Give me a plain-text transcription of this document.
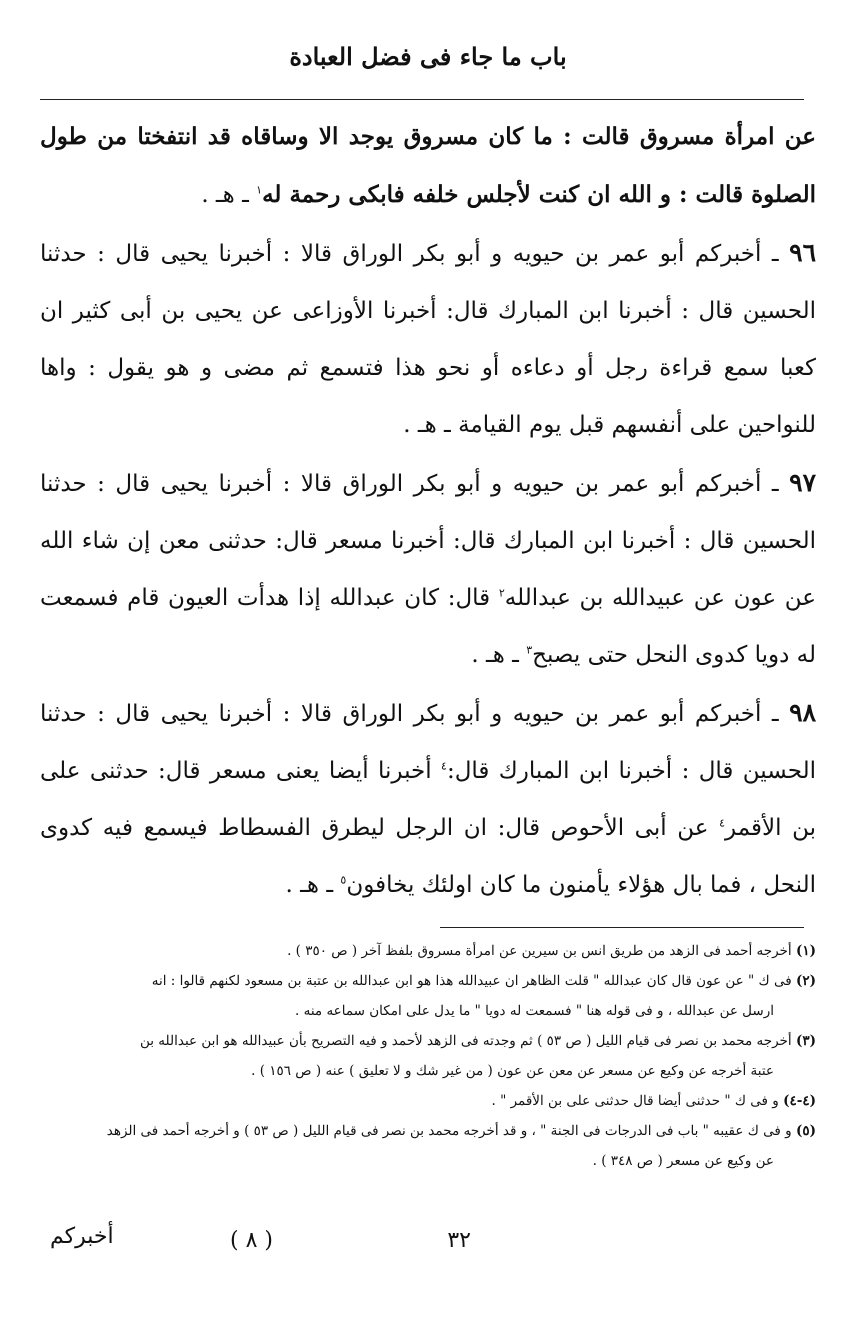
باب ما جاء فى فضل العبادة

عن امرأة مسروق قالت : ما كان مسروق يوجد الا وساقاه قد انتفختا من طول الصلوة قالت : و الله ان كنت لأجلس خلفه فابكى رحمة له$^١$ ـ هـ .

٩٦ ـ أخبركم أبو عمر بن حيويه و أبو بكر الوراق قالا : أخبرنا يحيى قال : حدثنا الحسين قال : أخبرنا ابن المبارك قال: أخبرنا الأوزاعى عن يحيى بن أبى كثير ان كعبا سمع قراءة رجل أو دعاءه أو نحو هذا فتسمع ثم مضى و هو يقول : واها للنواحين على أنفسهم قبل يوم القيامة ـ هـ .

٩٧ ـ أخبركم أبو عمر بن حيويه و أبو بكر الوراق قالا : أخبرنا يحيى قال : حدثنا الحسين قال : أخبرنا ابن المبارك قال: أخبرنا مسعر قال: حدثنى معن إن شاء الله عن عون عن عبيدالله بن عبدالله$^٢$ قال: كان عبدالله إذا هدأت العيون قام فسمعت له دويا كدوى النحل حتى يصبح$^٣$ ـ هـ .

٩٨ ـ أخبركم أبو عمر بن حيويه و أبو بكر الوراق قالا : أخبرنا يحيى قال : حدثنا الحسين قال : أخبرنا ابن المبارك قال:$^٤$ أخبرنا أيضا يعنى مسعر قال: حدثنى على بن الأقمر$^٤$ عن أبى الأحوص قال: ان الرجل ليطرق الفسطاط فيسمع فيه كدوى النحل ، فما بال هؤلاء يأمنون ما كان اولئك يخافون$^٥$ ـ هـ .

(١) أخرجه أحمد فى الزهد من طريق انس بن سيرين عن امرأة مسروق بلفظ آخر ( ص ٣٥٠ ) .

(٢) فى ك " عن عون قال كان عبدالله " قلت الظاهر ان عبيدالله هذا هو ابن عبدالله بن عتبة بن مسعود لكنهم قالوا : انه

ارسل عن عبدالله ، و فى قوله هنا " فسمعت له دويا " ما يدل على امكان سماعه منه .

(٣) أخرجه محمد بن نصر فى قيام الليل ( ص ٥٣ ) ثم وجدته فى الزهد لأحمد و فيه التصريح بأن عبيدالله هو ابن عبدالله بن

عتبة أخرجه عن وكيع عن مسعر عن معن عن عون ( من غير شك و لا تعليق ) عنه ( ص ١٥٦ ) .

(٤-٤) و فى ك " حدثنى أيضا قال حدثنى على بن الأقمر " .

(٥) و فى ك عقيبه " باب فى الدرجات فى الجنة " ، و قد أخرجه محمد بن نصر فى قيام الليل ( ص ٥٣ ) و أخرجه أحمد فى الزهد

عن وكيع عن مسعر ( ص ٣٤٨ ) .

٣٢
( ٨ )
أخبركم
